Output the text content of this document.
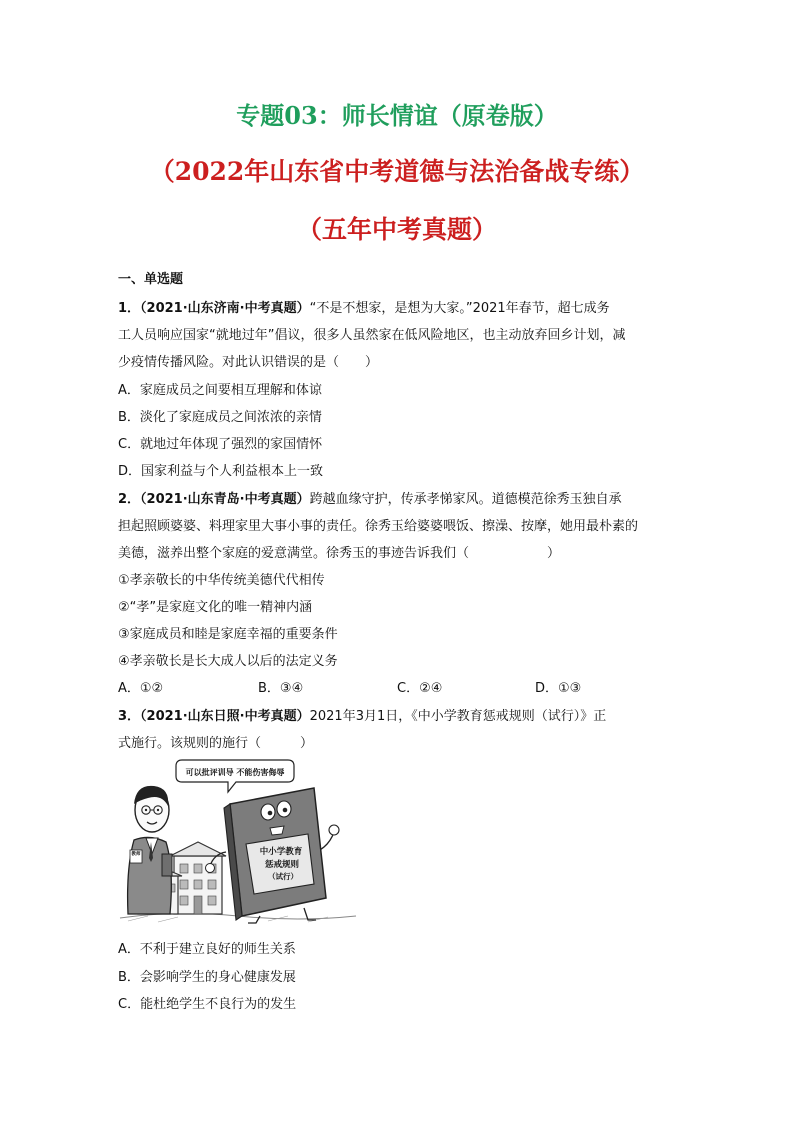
专题03：师长情谊（原卷版）
（2022年山东省中考道德与法治备战专练）
（五年中考真题）
一、单选题
1．（2021·山东济南·中考真题）“不是不想家，是想为大家。”2021年春节，超七成务
工人员响应国家“就地过年”倡议，很多人虽然家在低风险地区，也主动放弃回乡计划，减
少疫情传播风险。对此认识错误的是（　　）
A．家庭成员之间要相互理解和体谅
B．淡化了家庭成员之间浓浓的亲情
C．就地过年体现了强烈的家国情怀
D．国家利益与个人利益根本上一致
2．（2021·山东青岛·中考真题）跨越血缘守护，传承孝悌家风。道德模范徐秀玉独自承
担起照顾婆婆、料理家里大事小事的责任。徐秀玉给婆婆喂饭、擦澡、按摩，她用最朴素的
美德，滋养出整个家庭的爱意满堂。徐秀玉的事迹告诉我们（　　　　　　）
①孝亲敬长的中华传统美德代代相传
②“孝”是家庭文化的唯一精神内涵
③家庭成员和睦是家庭幸福的重要条件
④孝亲敬长是长大成人以后的法定义务
A．①②	B．③④	C．②④	D．①③
3．（2021·山东日照·中考真题）2021年3月1日，《中小学教育惩戒规则（试行）》正
式施行。该规则的施行（　　　）
教师
可以批评训导 不能伤害侮辱
中小学教育
惩戒规则
（试行）
A．不利于建立良好的师生关系
B．会影响学生的身心健康发展
C．能杜绝学生不良行为的发生
